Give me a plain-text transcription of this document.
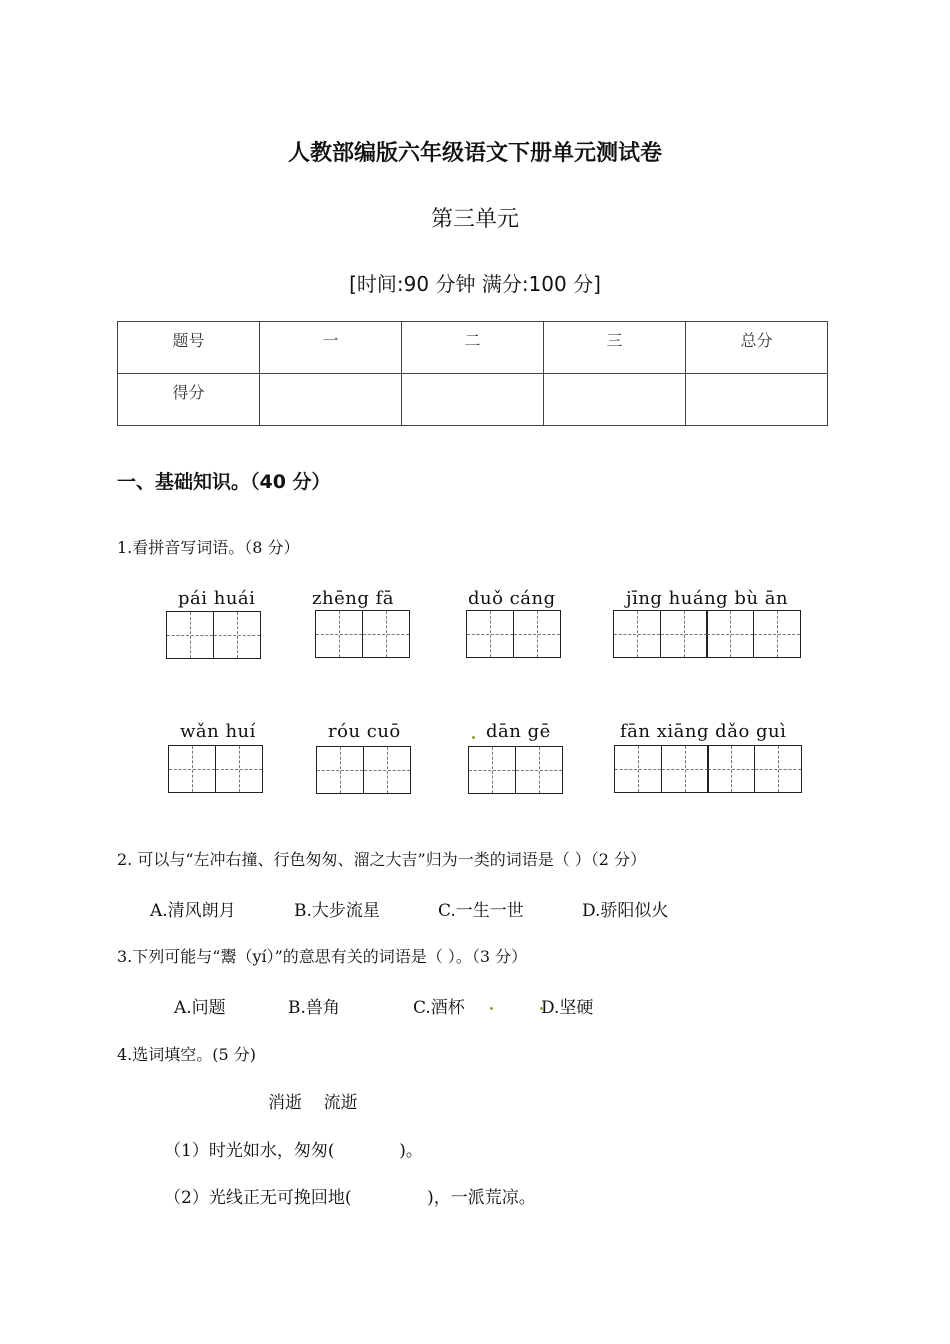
人教部编版六年级语文下册单元测试卷
第三单元
[时间:90 分钟 满分:100 分]
题号	一	二	三	总分
得分				
一、基础知识。（40 分）
1.看拼音写词语。（8 分）
pái huái	zhēng fā	duǒ cáng	jīng huáng bù ān
wǎn huí	róu cuō	dān gē	fān xiāng dǎo guì
2. 可以与“左冲右撞、行色匆匆、溜之大吉”归为一类的词语是（ ）（2 分）
A.清风朗月	B.大步流星	C.一生一世	D.骄阳似火
3.下列可能与“鬻（yí）”的意思有关的词语是（ ）。（3 分）
A.问题	B.兽角	C.酒杯	D.坚硬
4.选词填空。(5 分)
消逝    流逝
（1）时光如水，匆匆(            )。
（2）光线正无可挽回地(              )，一派荒凉。
